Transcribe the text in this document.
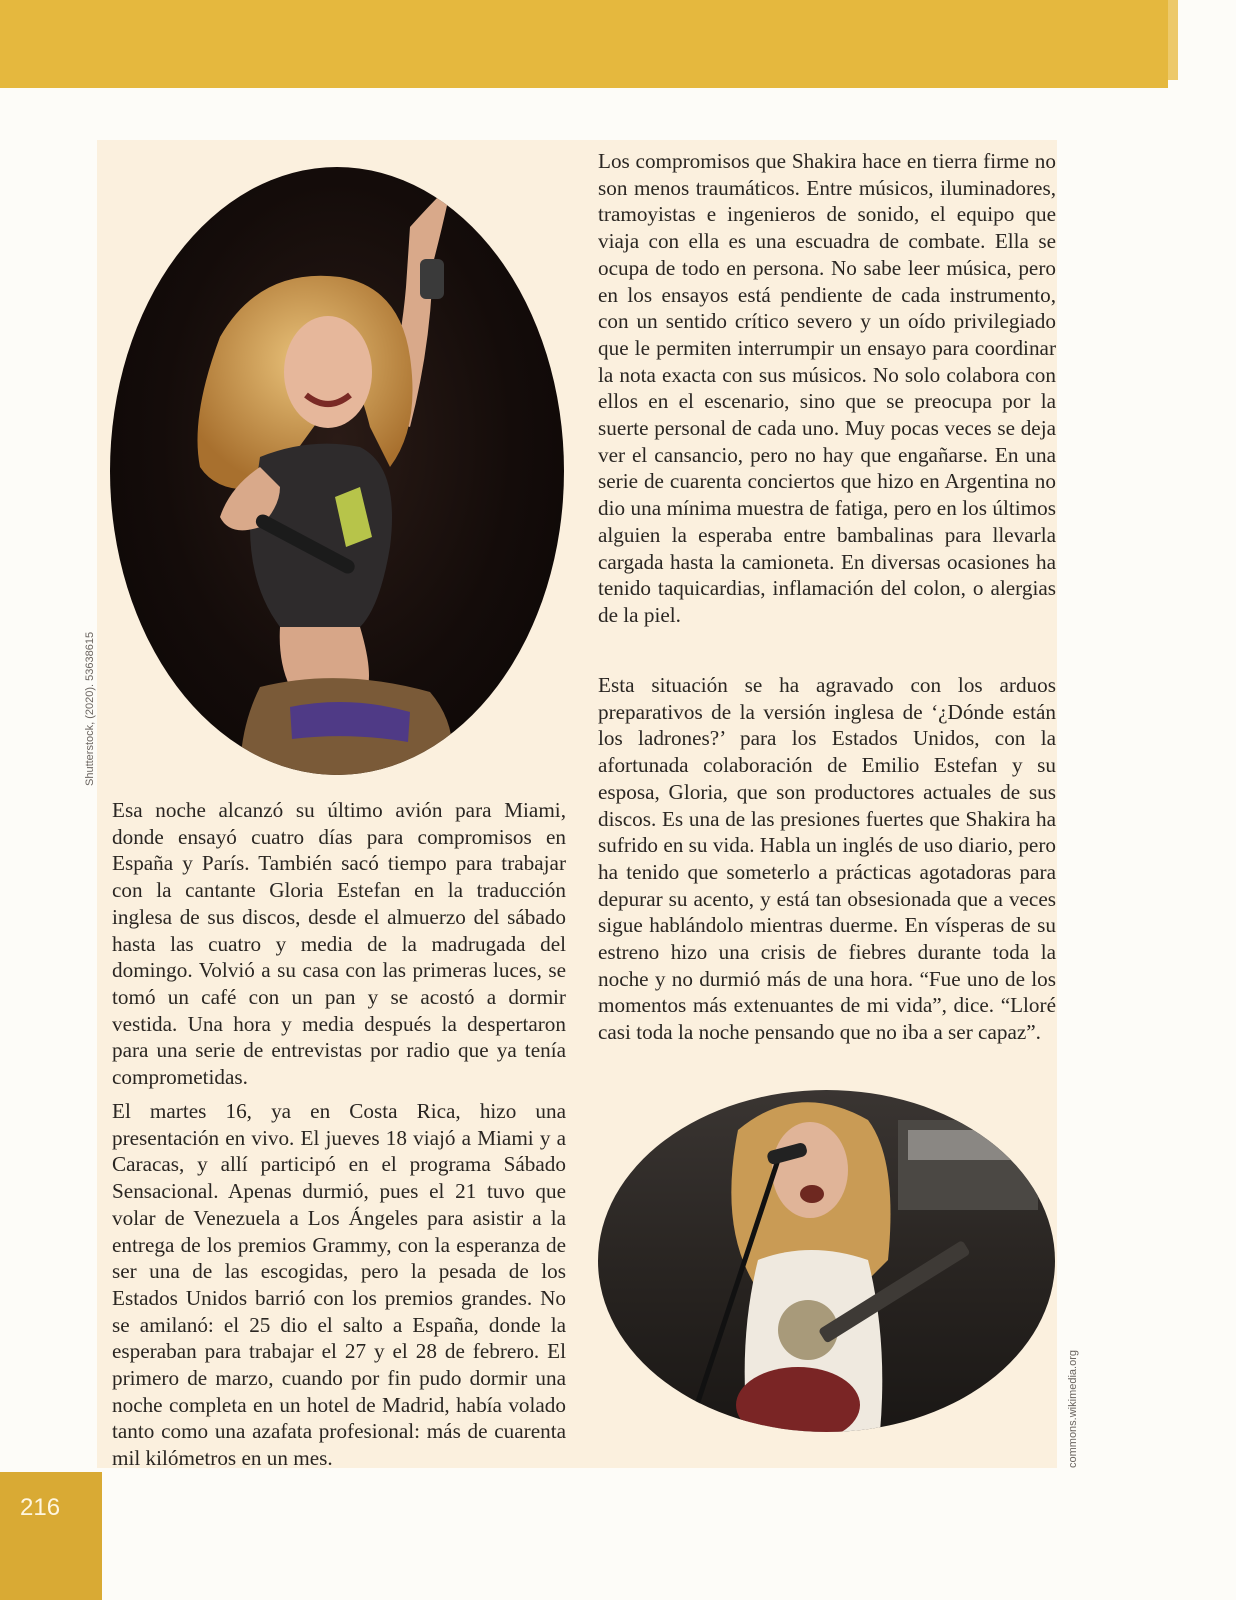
Shutterstock, (2020). 53638615
commons.wikimedia.org

Los compromisos que Shakira hace en tierra firme no son menos traumáticos. Entre músicos, iluminadores, tramoyistas e ingenieros de sonido, el equipo que viaja con ella es una escuadra de combate. Ella se ocupa de todo en persona. No sabe leer música, pero en los ensayos está pendiente de cada instrumento, con un sentido crítico severo y un oído privilegiado que le permiten interrumpir un ensayo para coordinar la nota exacta con sus músicos. No solo colabora con ellos en el escenario, sino que se preocupa por la suerte personal de cada uno. Muy pocas veces se deja ver el cansancio, pero no hay que engañarse. En una serie de cuarenta conciertos que hizo en Argentina no dio una mínima muestra de fatiga, pero en los últimos alguien la esperaba entre bambalinas para llevarla cargada hasta la camioneta. En diversas ocasiones ha tenido taquicardias, inflamación del colon, o alergias de la piel.

Esta situación se ha agravado con los arduos preparativos de la versión inglesa de ‘¿Dónde están los ladrones?’ para los Estados Unidos, con la afortunada colaboración de Emilio Estefan y su esposa, Gloria, que son productores actuales de sus discos. Es una de las presiones fuertes que Shakira ha sufrido en su vida. Habla un inglés de uso diario, pero ha tenido que someterlo a prácticas agotadoras para depurar su acento, y está tan obsesionada que a veces sigue hablándolo mientras duerme. En vísperas de su estreno hizo una crisis de fiebres durante toda la noche y no durmió más de una hora. “Fue uno de los momentos más extenuantes de mi vida”, dice. “Lloré casi toda la noche pensando que no iba a ser capaz”.

Esa noche alcanzó su último avión para Miami, donde ensayó cuatro días para compromisos en España y París. También sacó tiempo para trabajar con la cantante Gloria Estefan en la traducción inglesa de sus discos, desde el almuerzo del sábado hasta las cuatro y media de la madrugada del domingo. Volvió a su casa con las primeras luces, se tomó un café con un pan y se acostó a dormir vestida. Una hora y media después la despertaron para una serie de entrevistas por radio que ya tenía comprometidas.

El martes 16, ya en Costa Rica, hizo una presentación en vivo. El jueves 18 viajó a Miami y a Caracas, y allí participó en el programa Sábado Sensacional. Apenas durmió, pues el 21 tuvo que volar de Venezuela a Los Ángeles para asistir a la entrega de los premios Grammy, con la esperanza de ser una de las escogidas, pero la pesada de los Estados Unidos barrió con los premios grandes. No se amilanó: el 25 dio el salto a España, donde la esperaban para trabajar el 27 y el 28 de febrero. El primero de marzo, cuando por fin pudo dormir una noche completa en un hotel de Madrid, había volado tanto como una azafata profesional: más de cuarenta mil kilómetros en un mes.

216
